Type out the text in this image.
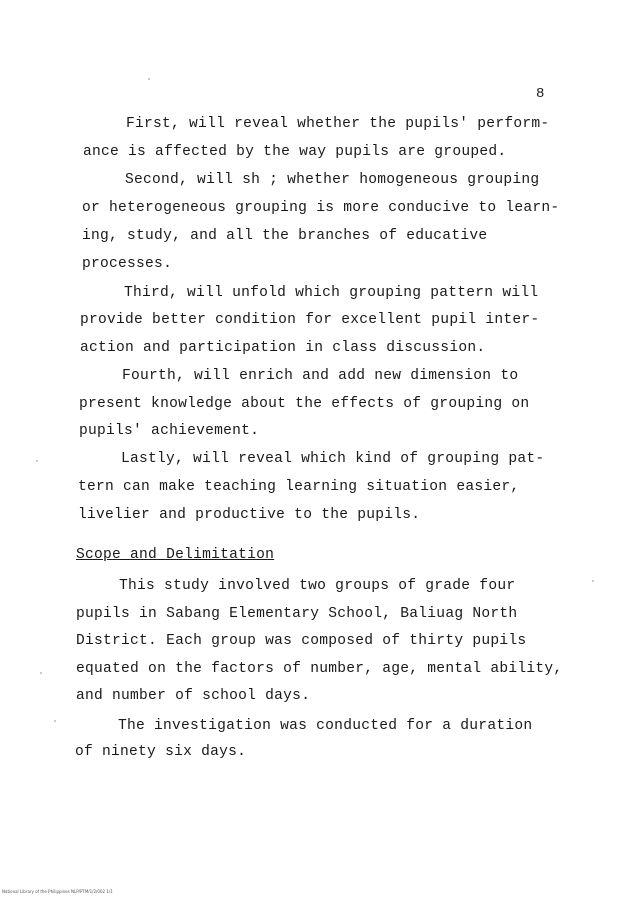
8
First, will reveal whether the pupils' perform-
ance is affected by the way pupils are grouped.
Second, will sh ; whether homogeneous grouping
or heterogeneous grouping is more conducive to learn-
ing, study, and all the branches of educative
processes.
Third, will unfold which grouping pattern will
provide better condition for excellent pupil inter-
action and participation in class discussion.
Fourth, will enrich and add new dimension to
present knowledge about the effects of grouping on
pupils' achievement.
Lastly, will reveal which kind of grouping pat-
tern can make teaching learning situation easier,
livelier and productive to the pupils.
Scope and Delimitation
This study involved two groups of grade four
pupils in Sabang Elementary School, Baliuag North
District. Each group was composed of thirty pupils
equated on the factors of number, age, mental ability,
and number of school days.
The investigation was conducted for a duration
of ninety six days.
National Library of the Philippines NLP/PTM/1/2/002 1/1
